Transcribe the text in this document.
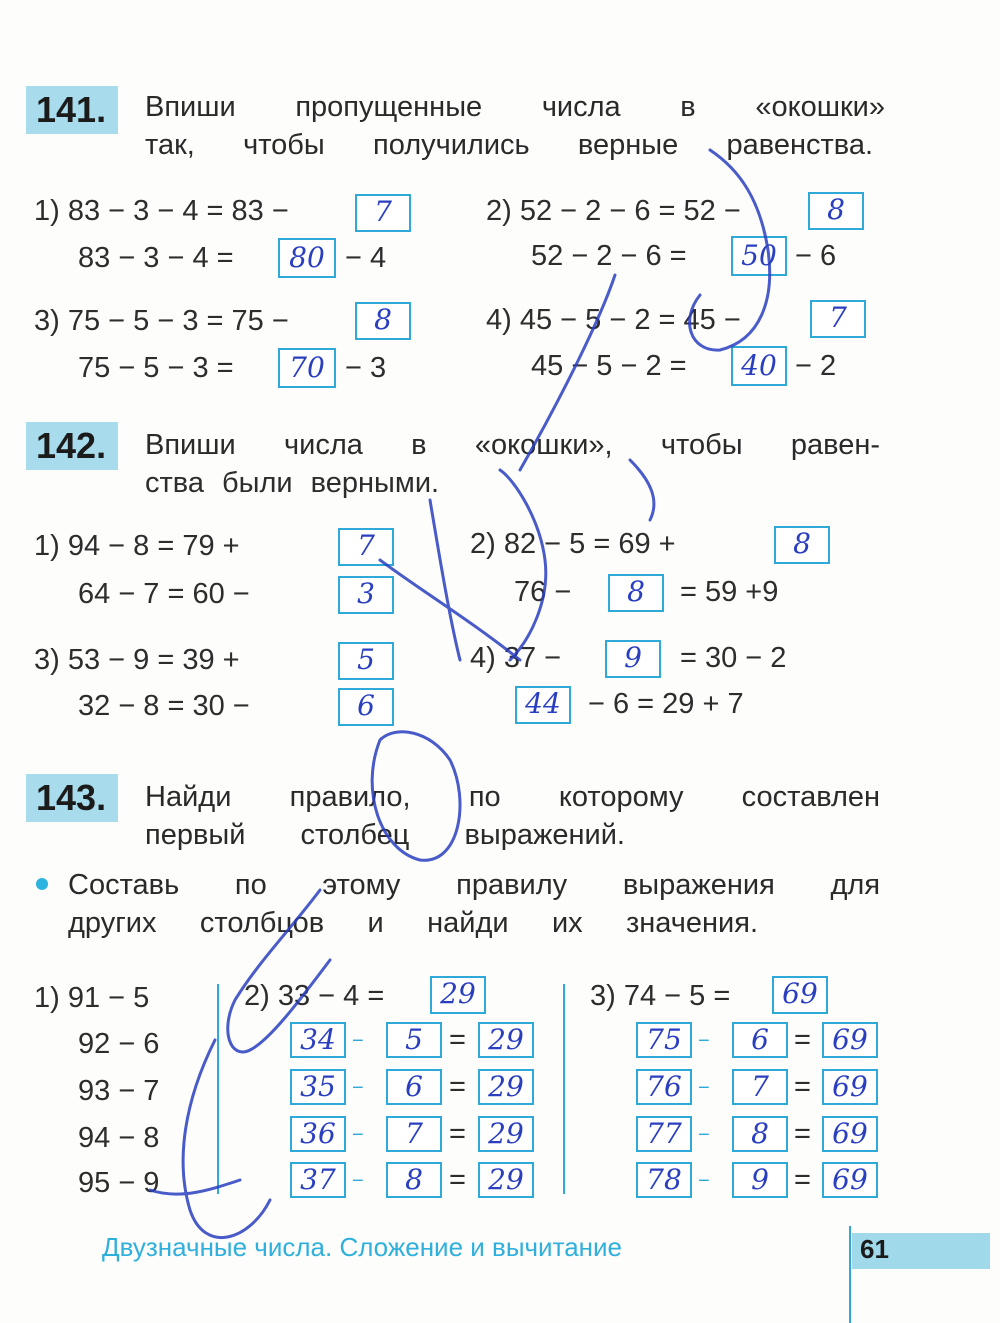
141.	Впиши пропущенные числа в «окошки»
так, чтобы получились верные равенства.
1) 83 − 3 − 4 = 83 −	7
83 − 3 − 4 =	80 − 4
2) 52 − 2 − 6 = 52 −	8
52 − 2 − 6 =	50 − 6
3) 75 − 5 − 3 = 75 −	8
75 − 5 − 3 =	70 − 3
4) 45 − 5 − 2 = 45 −	7
45 − 5 − 2 =	40 − 2
142.	Впиши числа в «окошки», чтобы равен-
ства были верными.
1) 94 − 8 = 79 +	7
64 − 7 = 60 −	3
2) 82 − 5 = 69 +	8
76 −	8	= 59 +9
3) 53 − 9 = 39 +	5
32 − 8 = 30 −	6
4) 37 −	9	= 30 − 2
44 − 6 = 29 + 7
143.	Найди правило, по которому составлен
первый столбец выражений.
Составь по этому правилу выражения для
других столбцов и найди их значения.
1) 91 − 5
92 − 6
93 − 7
94 − 8
95 − 9
2) 33 − 4 =	29
34 −	5 = 29
35 −	6 = 29
36 −	7 = 29
37 −	8 = 29
3) 74 − 5 =	69
75 −	6 = 69
76 −	7 = 69
77 −	8 = 69
78 −	9 = 69
Двузначные числа. Сложение и вычитание	61
